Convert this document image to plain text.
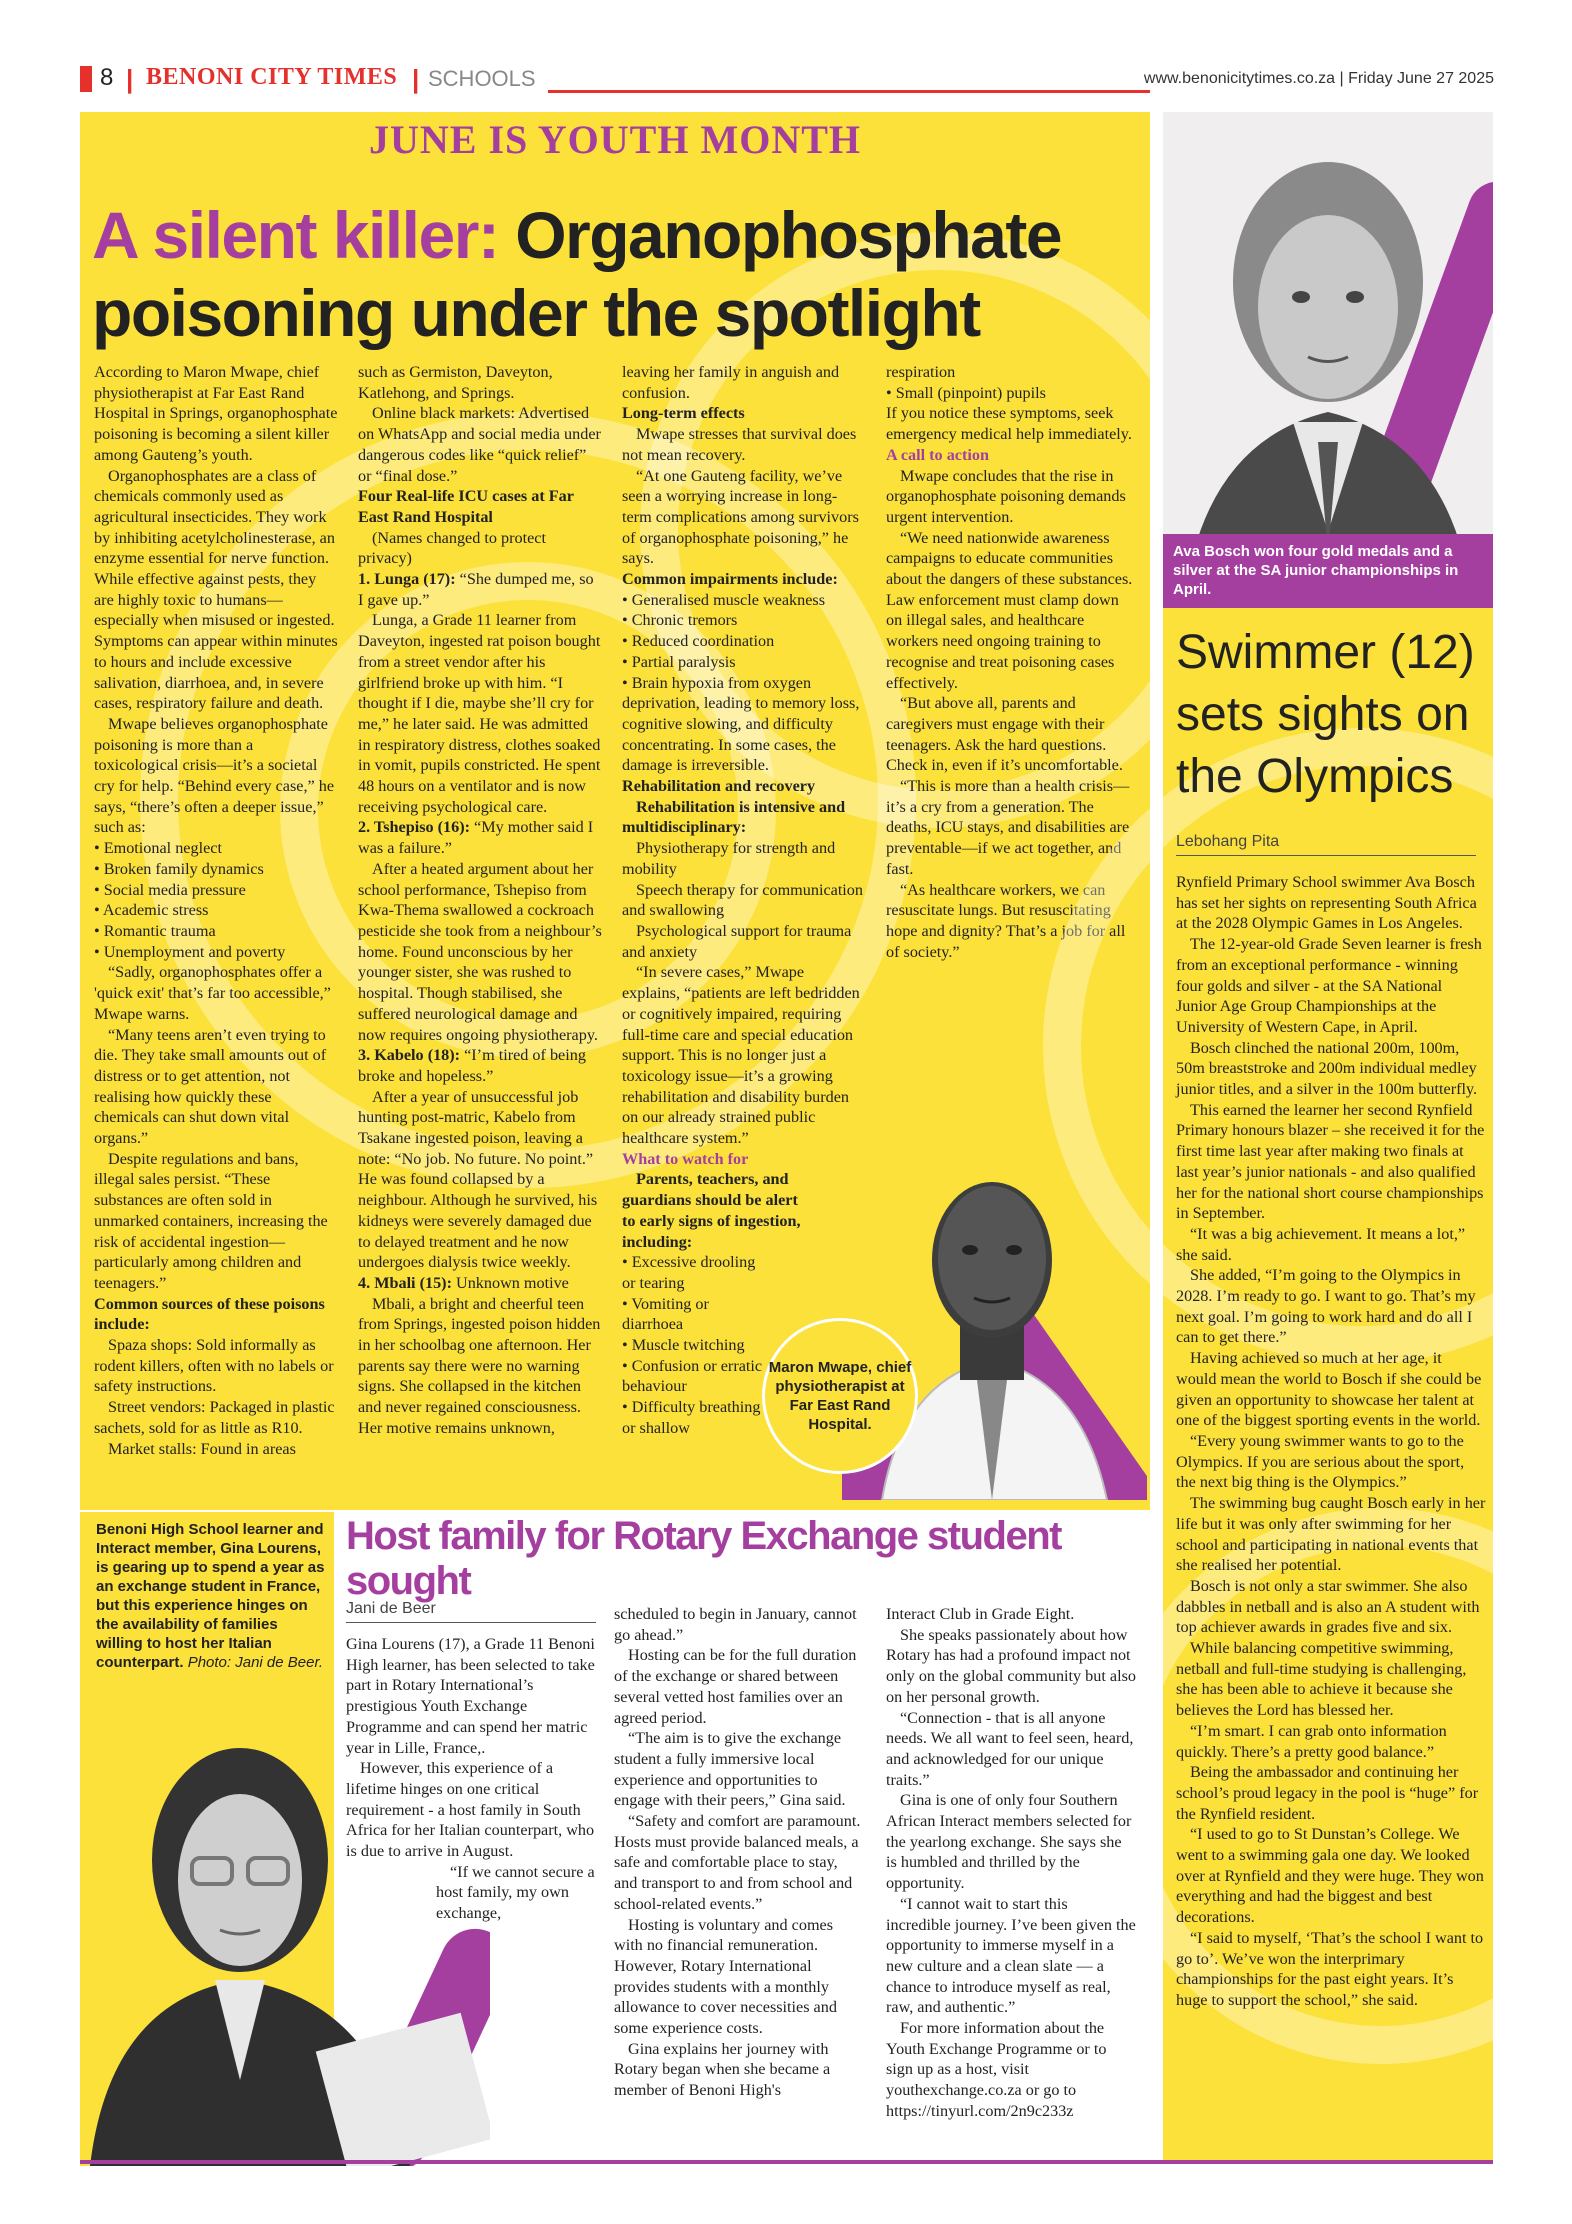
8 | BENONI CITY TIMES | SCHOOLS	www.benonicitytimes.co.za | Friday June 27 2025
JUNE IS YOUTH MONTH
A silent killer: Organophosphate poisoning under the spotlight

According to Maron Mwape, chief physiotherapist at Far East Rand Hospital in Springs, organophosphate poisoning is becoming a silent killer among Gauteng’s youth.

Organophosphates are a class of chemicals commonly used as agricultural insecticides. They work by inhibiting acetylcholinesterase, an enzyme essential for nerve function. While effective against pests, they are highly toxic to humans—especially when misused or ingested. Symptoms can appear within minutes to hours and include excessive salivation, diarrhoea, and, in severe cases, respiratory failure and death.

Mwape believes organophosphate poisoning is more than a toxicological crisis—it’s a societal cry for help. “Behind every case,” he says, “there’s often a deeper issue,” such as:

• Emotional neglect

• Broken family dynamics

• Social media pressure

• Academic stress

• Romantic trauma

• Unemployment and poverty

“Sadly, organophosphates offer a 'quick exit' that’s far too accessible,” Mwape warns.

“Many teens aren’t even trying to die. They take small amounts out of distress or to get attention, not realising how quickly these chemicals can shut down vital organs.”

Despite regulations and bans, illegal sales persist. “These substances are often sold in unmarked containers, increasing the risk of accidental ingestion—particularly among children and teenagers.”

Common sources of these poisons include:

Spaza shops: Sold informally as rodent killers, often with no labels or safety instructions.

Street vendors: Packaged in plastic sachets, sold for as little as R10.

Market stalls: Found in areas

such as Germiston, Daveyton, Katlehong, and Springs.

Online black markets: Advertised on WhatsApp and social media under dangerous codes like “quick relief” or “final dose.”

Four Real-life ICU cases at Far East Rand Hospital

(Names changed to protect privacy)

1. Lunga (17): “She dumped me, so I gave up.”

Lunga, a Grade 11 learner from Daveyton, ingested rat poison bought from a street vendor after his girlfriend broke up with him. “I thought if I die, maybe she’ll cry for me,” he later said. He was admitted in respiratory distress, clothes soaked in vomit, pupils constricted. He spent 48 hours on a ventilator and is now receiving psychological care.

2. Tshepiso (16): “My mother said I was a failure.”

After a heated argument about her school performance, Tshepiso from Kwa-Thema swallowed a cockroach pesticide she took from a neighbour’s home. Found unconscious by her younger sister, she was rushed to hospital. Though stabilised, she suffered neurological damage and now requires ongoing physiotherapy.

3. Kabelo (18): “I’m tired of being broke and hopeless.”

After a year of unsuccessful job hunting post-matric, Kabelo from Tsakane ingested poison, leaving a note: “No job. No future. No point.” He was found collapsed by a neighbour. Although he survived, his kidneys were severely damaged due to delayed treatment and he now undergoes dialysis twice weekly.

4. Mbali (15): Unknown motive

Mbali, a bright and cheerful teen from Springs, ingested poison hidden in her schoolbag one afternoon. Her parents say there were no warning signs. She collapsed in the kitchen and never regained consciousness. Her motive remains unknown,

leaving her family in anguish and confusion.

Long-term effects

Mwape stresses that survival does not mean recovery.

“At one Gauteng facility, we’ve seen a worrying increase in long-term complications among survivors of organophosphate poisoning,” he says.

Common impairments include:

• Generalised muscle weakness

• Chronic tremors

• Reduced coordination

• Partial paralysis

• Brain hypoxia from oxygen deprivation, leading to memory loss, cognitive slowing, and difficulty concentrating. In some cases, the damage is irreversible.

Rehabilitation and recovery

Rehabilitation is intensive and multidisciplinary:

Physiotherapy for strength and mobility

Speech therapy for communication and swallowing

Psychological support for trauma and anxiety

“In severe cases,” Mwape explains, “patients are left bedridden or cognitively impaired, requiring full-time care and special education support. This is no longer just a toxicology issue—it’s a growing rehabilitation and disability burden on our already strained public healthcare system.”

What to watch for

Parents, teachers, and guardians should be alert to early signs of ingestion, including:

• Excessive drooling or tearing

• Vomiting or diarrhoea

• Muscle twitching

• Confusion or erratic behaviour

• Difficulty breathing or shallow

respiration

• Small (pinpoint) pupils

If you notice these symptoms, seek emergency medical help immediately.

A call to action

Mwape concludes that the rise in organophosphate poisoning demands urgent intervention.

“We need nationwide awareness campaigns to educate communities about the dangers of these substances. Law enforcement must clamp down on illegal sales, and healthcare workers need ongoing training to recognise and treat poisoning cases effectively.

“But above all, parents and caregivers must engage with their teenagers. Ask the hard questions. Check in, even if it’s uncomfortable.

“This is more than a health crisis—it’s a cry from a generation. The deaths, ICU stays, and disabilities are preventable—if we act together, and fast.

“As healthcare workers, we can resuscitate lungs. But resuscitating hope and dignity? That’s a job for all of society.”

Maron Mwape, chief physiotherapist at Far East Rand Hospital.
Ava Bosch won four gold medals and a silver at the SA junior championships in April.
Swimmer (12) sets sights on the Olympics
Lebohang Pita

Rynfield Primary School swimmer Ava Bosch has set her sights on representing South Africa at the 2028 Olympic Games in Los Angeles.

The 12-year-old Grade Seven learner is fresh from an exceptional performance - winning four golds and silver - at the SA National Junior Age Group Championships at the University of Western Cape, in April.

Bosch clinched the national 200m, 100m, 50m breaststroke and 200m individual medley junior titles, and a silver in the 100m butterfly.

This earned the learner her second Rynfield Primary honours blazer – she received it for the first time last year after making two finals at last year’s junior nationals - and also qualified her for the national short course championships in September.

“It was a big achievement. It means a lot,” she said.

She added, “I’m going to the Olympics in 2028. I’m ready to go. I want to go. That’s my next goal. I’m going to work hard and do all I can to get there.”

Having achieved so much at her age, it would mean the world to Bosch if she could be given an opportunity to showcase her talent at one of the biggest sporting events in the world.

“Every young swimmer wants to go to the Olympics. If you are serious about the sport, the next big thing is the Olympics.”

The swimming bug caught Bosch early in her life but it was only after swimming for her school and participating in national events that she realised her potential.

Bosch is not only a star swimmer. She also dabbles in netball and is also an A student with top achiever awards in grades five and six.

While balancing competitive swimming, netball and full-time studying is challenging, she has been able to achieve it because she believes the Lord has blessed her.

“I’m smart. I can grab onto information quickly. There’s a pretty good balance.”

Being the ambassador and continuing her school’s proud legacy in the pool is “huge” for the Rynfield resident.

“I used to go to St Dunstan’s College. We went to a swimming gala one day. We looked over at Rynfield and they were huge. They won everything and had the biggest and best decorations.

“I said to myself, ‘That’s the school I want to go to’. We’ve won the interprimary championships for the past eight years. It’s huge to support the school,” she said.

Benoni High School learner and Interact member, Gina Lourens, is gearing up to spend a year as an exchange student in France, but this experience hinges on the availability of families willing to host her Italian counterpart. Photo: Jani de Beer.
Host family for Rotary Exchange student sought
Jani de Beer

Gina Lourens (17), a Grade 11 Benoni High learner, has been selected to take part in Rotary International’s prestigious Youth Exchange Programme and can spend her matric year in Lille, France,.

However, this experience of a lifetime hinges on one critical requirement - a host family in South Africa for her Italian counterpart, who is due to arrive in August.

“If we cannot secure a host family, my own exchange,

scheduled to begin in January, cannot go ahead.”

Hosting can be for the full duration of the exchange or shared between several vetted host families over an agreed period.

“The aim is to give the exchange student a fully immersive local experience and opportunities to engage with their peers,” Gina said.

“Safety and comfort are paramount. Hosts must provide balanced meals, a safe and comfortable place to stay, and transport to and from school and school-related events.”

Hosting is voluntary and comes with no financial remuneration. However, Rotary International provides students with a monthly allowance to cover necessities and some experience costs.

Gina explains her journey with Rotary began when she became a member of Benoni High's

Interact Club in Grade Eight.

She speaks passionately about how Rotary has had a profound impact not only on the global community but also on her personal growth.

“Connection - that is all anyone needs. We all want to feel seen, heard, and acknowledged for our unique traits.”

Gina is one of only four Southern African Interact members selected for the yearlong exchange. She says she is humbled and thrilled by the opportunity.

“I cannot wait to start this incredible journey. I’ve been given the opportunity to immerse myself in a new culture and a clean slate — a chance to introduce myself as real, raw, and authentic.”

For more information about the Youth Exchange Programme or to sign up as a host, visit youthexchange.co.za or go to https://tinyurl.com/2n9c233z
